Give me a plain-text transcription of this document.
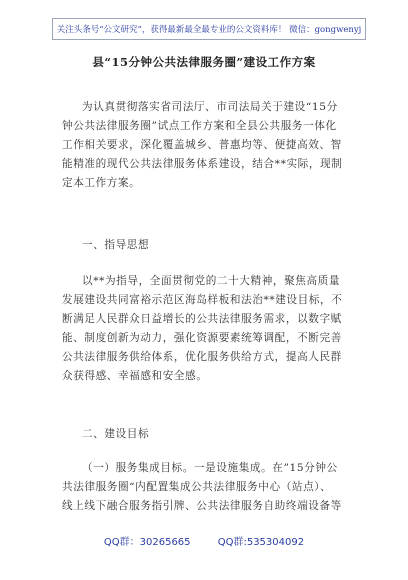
关注头条号“公文研究”，获得最新最全最专业的公文资料库！ 微信：gongwenyj
县“15分钟公共法律服务圈”建设工作方案

为认真贯彻落实省司法厅、市司法局关于建设“15分
钟公共法律服务圈”试点工作方案和全县公共服务一体化
工作相关要求，深化覆盖城乡、普惠均等、便捷高效、智
能精准的现代公共法律服务体系建设，结合**实际，现制
定本工作方案。

一、指导思想

以**为指导，全面贯彻党的二十大精神，聚焦高质量
发展建设共同富裕示范区海岛样板和法治**建设目标，不
断满足人民群众日益增长的公共法律服务需求，以数字赋
能、制度创新为动力，强化资源要素统筹调配，不断完善
公共法律服务供给体系，优化服务供给方式，提高人民群
众获得感、幸福感和安全感。

二、建设目标

（一）服务集成目标。一是设施集成。在”15分钟公
共法律服务圈“内配置集成公共法律服务中心（站点）、
线上线下融合服务指引牌、公共法律服务自助终端设备等

QQ群：30265665	QQ群:535304092
